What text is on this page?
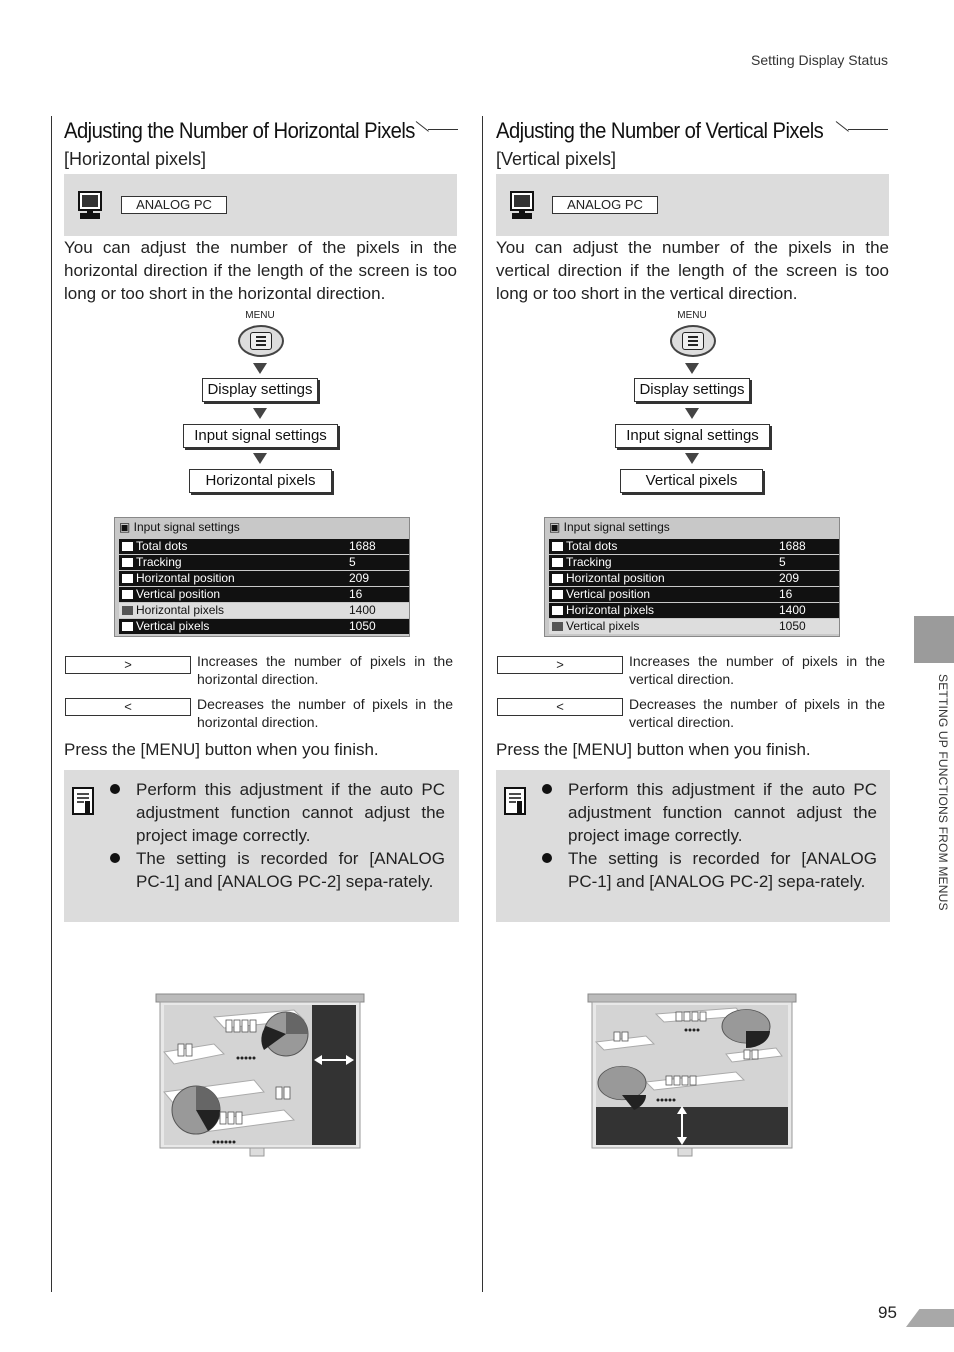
Setting Display Status
Adjusting the Number of Horizontal Pixels
[Horizontal pixels]
ANALOG PC
You can adjust the number of the pixels in the horizontal direction if the length of the screen is too long or too short in the horizontal direction.
MENU
Display settings
Input signal settings
Horizontal pixels
▣ Input signal settings
Total dots	1688
Tracking	5
Horizontal position	209
Vertical position	16
Horizontal pixels	1400
Vertical pixels	1050
>	Increases the number of pixels in the horizontal direction.
<	Decreases the number of pixels in the horizontal direction.
Press the [MENU] button when you finish.
Perform this adjustment if the auto PC adjustment function cannot adjust the project image correctly.
The setting is recorded for [ANALOG PC-1] and [ANALOG PC-2] sepa-rately.
Adjusting the Number of Vertical Pixels
[Vertical pixels]
ANALOG PC
You can adjust the number of the pixels in the vertical direction if the length of the screen is too long or too short in the vertical direction.
MENU
Display settings
Input signal settings
Vertical pixels
▣ Input signal settings
Total dots	1688
Tracking	5
Horizontal position	209
Vertical position	16
Horizontal pixels	1400
Vertical pixels	1050
>	Increases the number of pixels in the vertical direction.
<	Decreases the number of pixels in the vertical direction.
Press the [MENU] button when you finish.
Perform this adjustment if the auto PC adjustment function cannot adjust the project image correctly.
The setting is recorded for [ANALOG PC-1] and [ANALOG PC-2] sepa-rately.	SETTING UP FUNCTIONS FROM MENUS
95
